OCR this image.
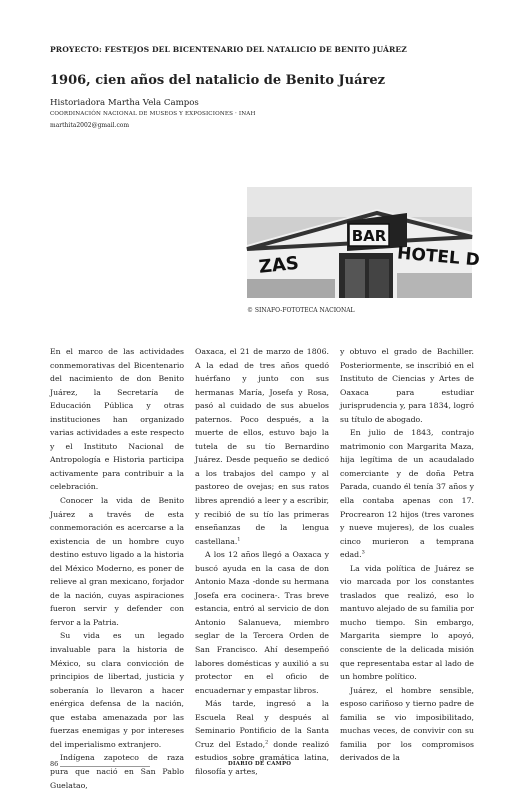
PROYECTO: FESTEJOS DEL BICENTENARIO DEL NATALICIO DE BENITO JUÁREZ
1906, cien años del natalicio de Benito Juárez
Historiadora Martha Vela Campos
COORDINACIÓN NACIONAL DE MUSEOS Y EXPOSICIONES · INAH
marthita2002@gmail.com
BAR
ZAS	HOTEL D
© SINAFO-FOTOTECA NACIONAL

En el marco de las actividades conmemorativas del Bicentenario del nacimiento de don Benito Juárez, la Secretaría de Educación Pública y otras instituciones han organizado varias actividades a este respecto y el Instituto Nacional de Antropología e Historia participa activamente para contribuir a la celebración.

Conocer la vida de Benito Juárez a través de esta conmemoración es acercarse a la existencia de un hombre cuyo destino estuvo ligado a la historia del México Moderno, es poner de relieve al gran mexicano, forjador de la nación, cuyas aspiraciones fueron servir y defender con fervor a la Patria.

Su vida es un legado invaluable para la historia de México, su clara convicción de principios de libertad, justicia y soberanía lo llevaron a hacer enérgica defensa de la nación, que estaba amenazada por las fuerzas enemigas y por intereses del imperialismo extranjero.

Indígena zapoteco de raza pura que nació en San Pablo Guelatao,

Oaxaca, el 21 de marzo de 1806. A la edad de tres años quedó huérfano y junto con sus hermanas María, Josefa y Rosa, pasó al cuidado de sus abuelos paternos. Poco después, a la muerte de ellos, estuvo bajo la tutela de su tío Bernardino Juárez. Desde pequeño se dedicó a los trabajos del campo y al pastoreo de ovejas; en sus ratos libres aprendió a leer y a escribir, y recibió de su tío las primeras enseñanzas de la lengua castellana.$^1$

A los 12 años llegó a Oaxaca y buscó ayuda en la casa de don Antonio Maza -donde su hermana Josefa era cocinera-. Tras breve estancia, entró al servicio de don Antonio Salanueva, miembro seglar de la Tercera Orden de San Francisco. Ahí desempeñó labores domésticas y auxilió a su protector en el oficio de encuadernar y empastar libros.

Más tarde, ingresó a la Escuela Real y después al Seminario Pontificio de la Santa Cruz del Estado,$^2$ donde realizó estudios sobre gramática latina, filosofía y artes,

y obtuvo el grado de Bachiller. Posteriormente, se inscribió en el Instituto de Ciencias y Artes de Oaxaca para estudiar jurisprudencia y, para 1834, logró su título de abogado.

En julio de 1843, contrajo matrimonio con Margarita Maza, hija legítima de un acaudalado comerciante y de doña Petra Parada, cuando él tenía 37 años y ella contaba apenas con 17. Procrearon 12 hijos (tres varones y nueve mujeres), de los cuales cinco murieron a temprana edad.$^3$

La vida política de Juárez se vio marcada por los constantes traslados que realizó, eso lo mantuvo alejado de su familia por mucho tiempo. Sin embargo, Margarita siempre lo apoyó, consciente de la delicada misión que representaba estar al lado de un hombre político.

Juárez, el hombre sensible, esposo cariñoso y tierno padre de familia se vio imposibilitado, muchas veces, de convivir con su familia por los compromisos derivados de la

86	DIARIO DE CAMPO
